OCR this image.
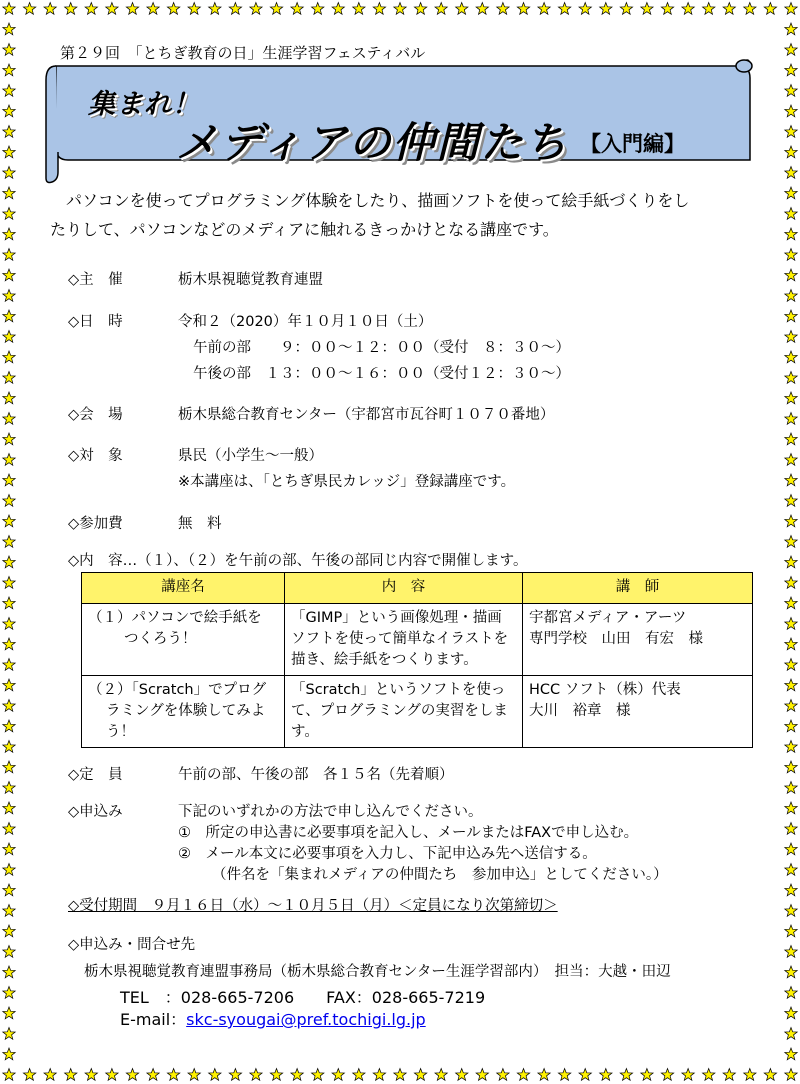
第２９回　「とちぎ教育の日」生涯学習フェスティバル
集まれ！
メディアの仲間たち 【入門編】
　パソコンを使ってプログラミング体験をしたり、描画ソフトを使って絵手紙づくりをし
たりして、パソコンなどのメディアに触れるきっかけとなる講座です。
◇主　催	栃木県視聴覚教育連盟
◇日　時	令和２（2020）年１０月１０日（土）
午前の部　　９：００～１２：００（受付　８：３０～）
午後の部　１３：００～１６：００（受付１２：３０～）
◇会　場	栃木県総合教育センター（宇都宮市瓦谷町１０７０番地）
◇対　象	県民（小学生～一般）
※本講座は、「とちぎ県民カレッジ」登録講座です。
◇参加費	無　料
◇内　容…（１）、（２）を午前の部、午後の部同じ内容で開催します。
講座名	内　容	講　師
（１）パソコンで絵手紙を
つくろう！	「GIMP」という画像処理・描画ソフトを使って簡単なイラストを描き、絵手紙をつくります。	宇都宮メディア・アーツ
専門学校　山田　有宏　様

（２）「Scratch」でプログ
ラミングを体験してみよう！	「Scratch」というソフトを使って、プログラミングの実習をします。	HCC ソフト（株）代表
大川　裕章　様
◇定　員	午前の部、午後の部　各１５名（先着順）
◇申込み	下記のいずれかの方法で申し込んでください。
①　所定の申込書に必要事項を記入し、メールまたはFAXで申し込む。
②　メール本文に必要事項を入力し、下記申込み先へ送信する。
（件名を「集まれメディアの仲間たち　参加申込」としてください。）
◇受付期間　９月１６日（水）～１０月５日（月）＜定員になり次第締切＞
◇申込み・問合せ先
栃木県視聴覚教育連盟事務局（栃木県総合教育センター生涯学習部内）　担当：大越・田辺
TEL　：028-665-7206　　FAX：028-665-7219
E-mail：skc-syougai@pref.tochigi.lg.jp
